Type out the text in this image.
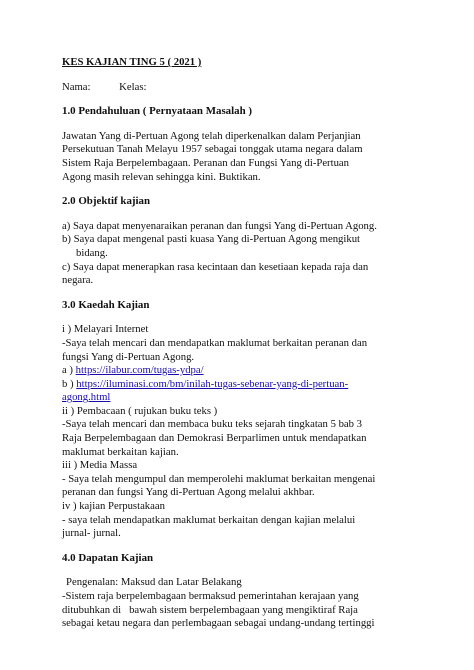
KES KAJIAN TING 5 ( 2021 )
Nama:	Kelas:
1.0 Pendahuluan ( Pernyataan Masalah )

Jawatan Yang di-Pertuan Agong telah diperkenalkan dalam Perjanjian
Persekutuan Tanah Melayu 1957 sebagai tonggak utama negara dalam
Sistem Raja Berpelembagaan. Peranan dan Fungsi Yang di-Pertuan
Agong masih relevan sehingga kini. Buktikan.

2.0 Objektif kajian

a) Saya dapat menyenaraikan peranan dan fungsi Yang di-Pertuan Agong.
b) Saya dapat mengenal pasti kuasa Yang di-Pertuan Agong mengikut
bidang.
c) Saya dapat menerapkan rasa kecintaan dan kesetiaan kepada raja dan
negara.

3.0 Kaedah Kajian
i ) Melayari Internet
-Saya telah mencari dan mendapatkan maklumat berkaitan peranan dan
fungsi Yang di-Pertuan Agong.
a ) https://ilabur.com/tugas-ydpa/
b ) https://iluminasi.com/bm/inilah-tugas-sebenar-yang-di-pertuan-
agong.html
ii ) Pembacaan ( rujukan buku teks )
-Saya telah mencari dan membaca buku teks sejarah tingkatan 5 bab 3
Raja Berpelembagaan dan Demokrasi Berparlimen untuk mendapatkan
maklumat berkaitan kajian.
iii ) Media Massa
- Saya telah mengumpul dan memperolehi maklumat berkaitan mengenai
peranan dan fungsi Yang di-Pertuan Agong melalui akhbar.
iv ) kajian Perpustakaan
- saya telah mendapatkan maklumat berkaitan dengan kajian melalui
jurnal- jurnal.
4.0 Dapatan Kajian
Pengenalan: Maksud dan Latar Belakang
-Sistem raja berpelembagaan bermaksud pemerintahan kerajaan yang
ditubuhkan di   bawah sistem berpelembagaan yang mengiktiraf Raja
sebagai ketau negara dan perlembagaan sebagai undang-undang tertinggi
